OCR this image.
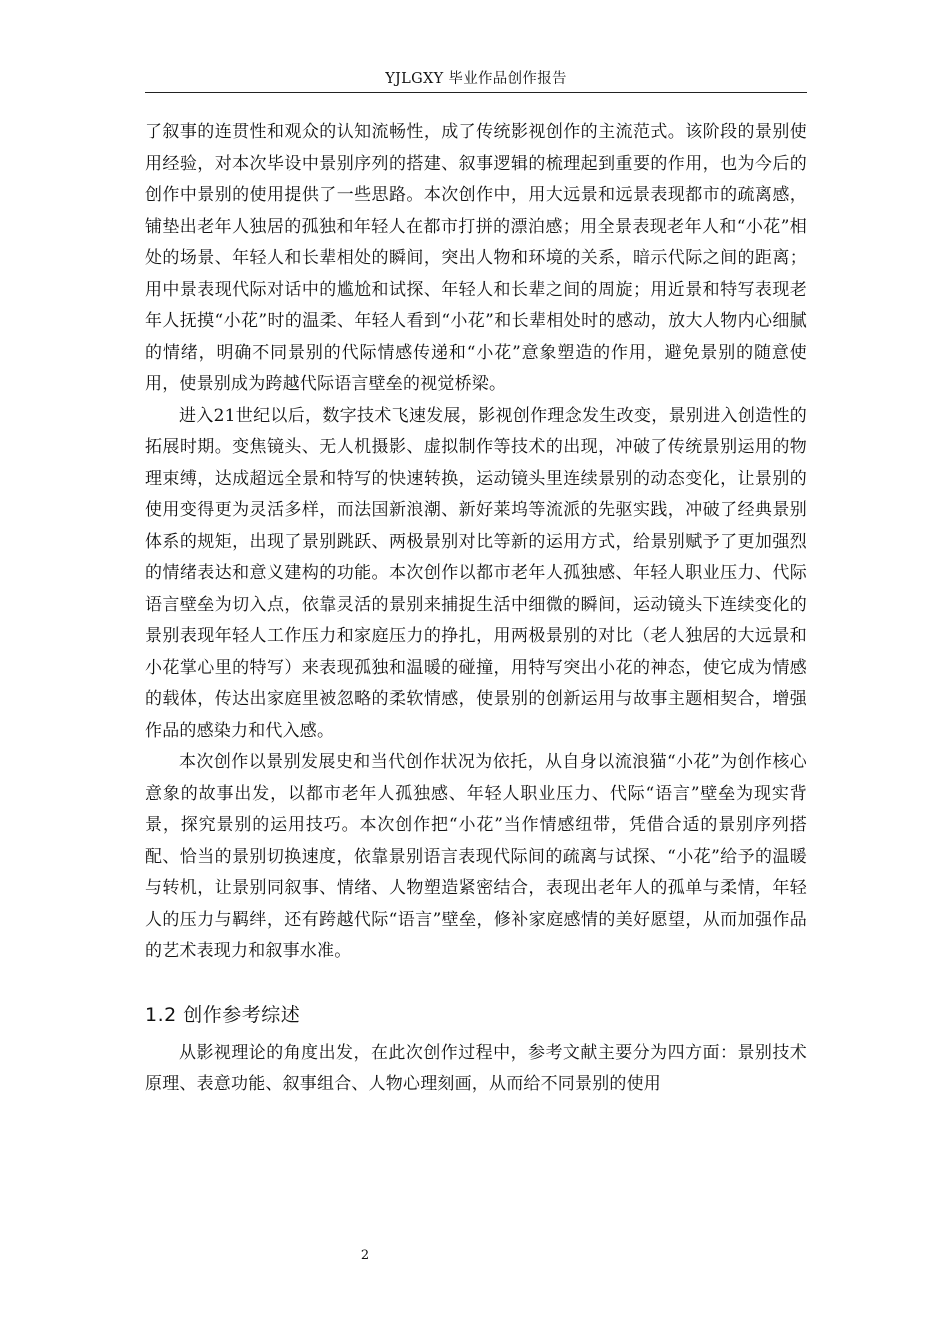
YJLGXY 毕业作品创作报告

了叙事的连贯性和观众的认知流畅性，成了传统影视创作的主流范式。该阶段的景别使用经验，对本次毕设中景别序列的搭建、叙事逻辑的梳理起到重要的作用，也为今后的创作中景别的使用提供了一些思路。本次创作中，用大远景和远景表现都市的疏离感，铺垫出老年人独居的孤独和年轻人在都市打拼的漂泊感；用全景表现老年人和“小花”相处的场景、年轻人和长辈相处的瞬间，突出人物和环境的关系，暗示代际之间的距离；用中景表现代际对话中的尴尬和试探、年轻人和长辈之间的周旋；用近景和特写表现老年人抚摸“小花”时的温柔、年轻人看到“小花”和长辈相处时的感动，放大人物内心细腻的情绪，明确不同景别的代际情感传递和“小花”意象塑造的作用，避免景别的随意使用，使景别成为跨越代际语言壁垒的视觉桥梁。

进入21世纪以后，数字技术飞速发展，影视创作理念发生改变，景别进入创造性的拓展时期。变焦镜头、无人机摄影、虚拟制作等技术的出现，冲破了传统景别运用的物理束缚，达成超远全景和特写的快速转换，运动镜头里连续景别的动态变化，让景别的使用变得更为灵活多样，而法国新浪潮、新好莱坞等流派的先驱实践，冲破了经典景别体系的规矩，出现了景别跳跃、两极景别对比等新的运用方式，给景别赋予了更加强烈的情绪表达和意义建构的功能。本次创作以都市老年人孤独感、年轻人职业压力、代际语言壁垒为切入点，依靠灵活的景别来捕捉生活中细微的瞬间，运动镜头下连续变化的景别表现年轻人工作压力和家庭压力的挣扎，用两极景别的对比（老人独居的大远景和小花掌心里的特写）来表现孤独和温暖的碰撞，用特写突出小花的神态，使它成为情感的载体，传达出家庭里被忽略的柔软情感，使景别的创新运用与故事主题相契合，增强作品的感染力和代入感。

本次创作以景别发展史和当代创作状况为依托，从自身以流浪猫“小花”为创作核心意象的故事出发，以都市老年人孤独感、年轻人职业压力、代际“语言”壁垒为现实背景，探究景别的运用技巧。本次创作把“小花”当作情感纽带，凭借合适的景别序列搭配、恰当的景别切换速度，依靠景别语言表现代际间的疏离与试探、“小花”给予的温暖与转机，让景别同叙事、情绪、人物塑造紧密结合，表现出老年人的孤单与柔情，年轻人的压力与羁绊，还有跨越代际“语言”壁垒，修补家庭感情的美好愿望，从而加强作品的艺术表现力和叙事水准。

1.2 创作参考综述

从影视理论的角度出发，在此次创作过程中，参考文献主要分为四方面：景别技术原理、表意功能、叙事组合、人物心理刻画，从而给不同景别的使用

2
